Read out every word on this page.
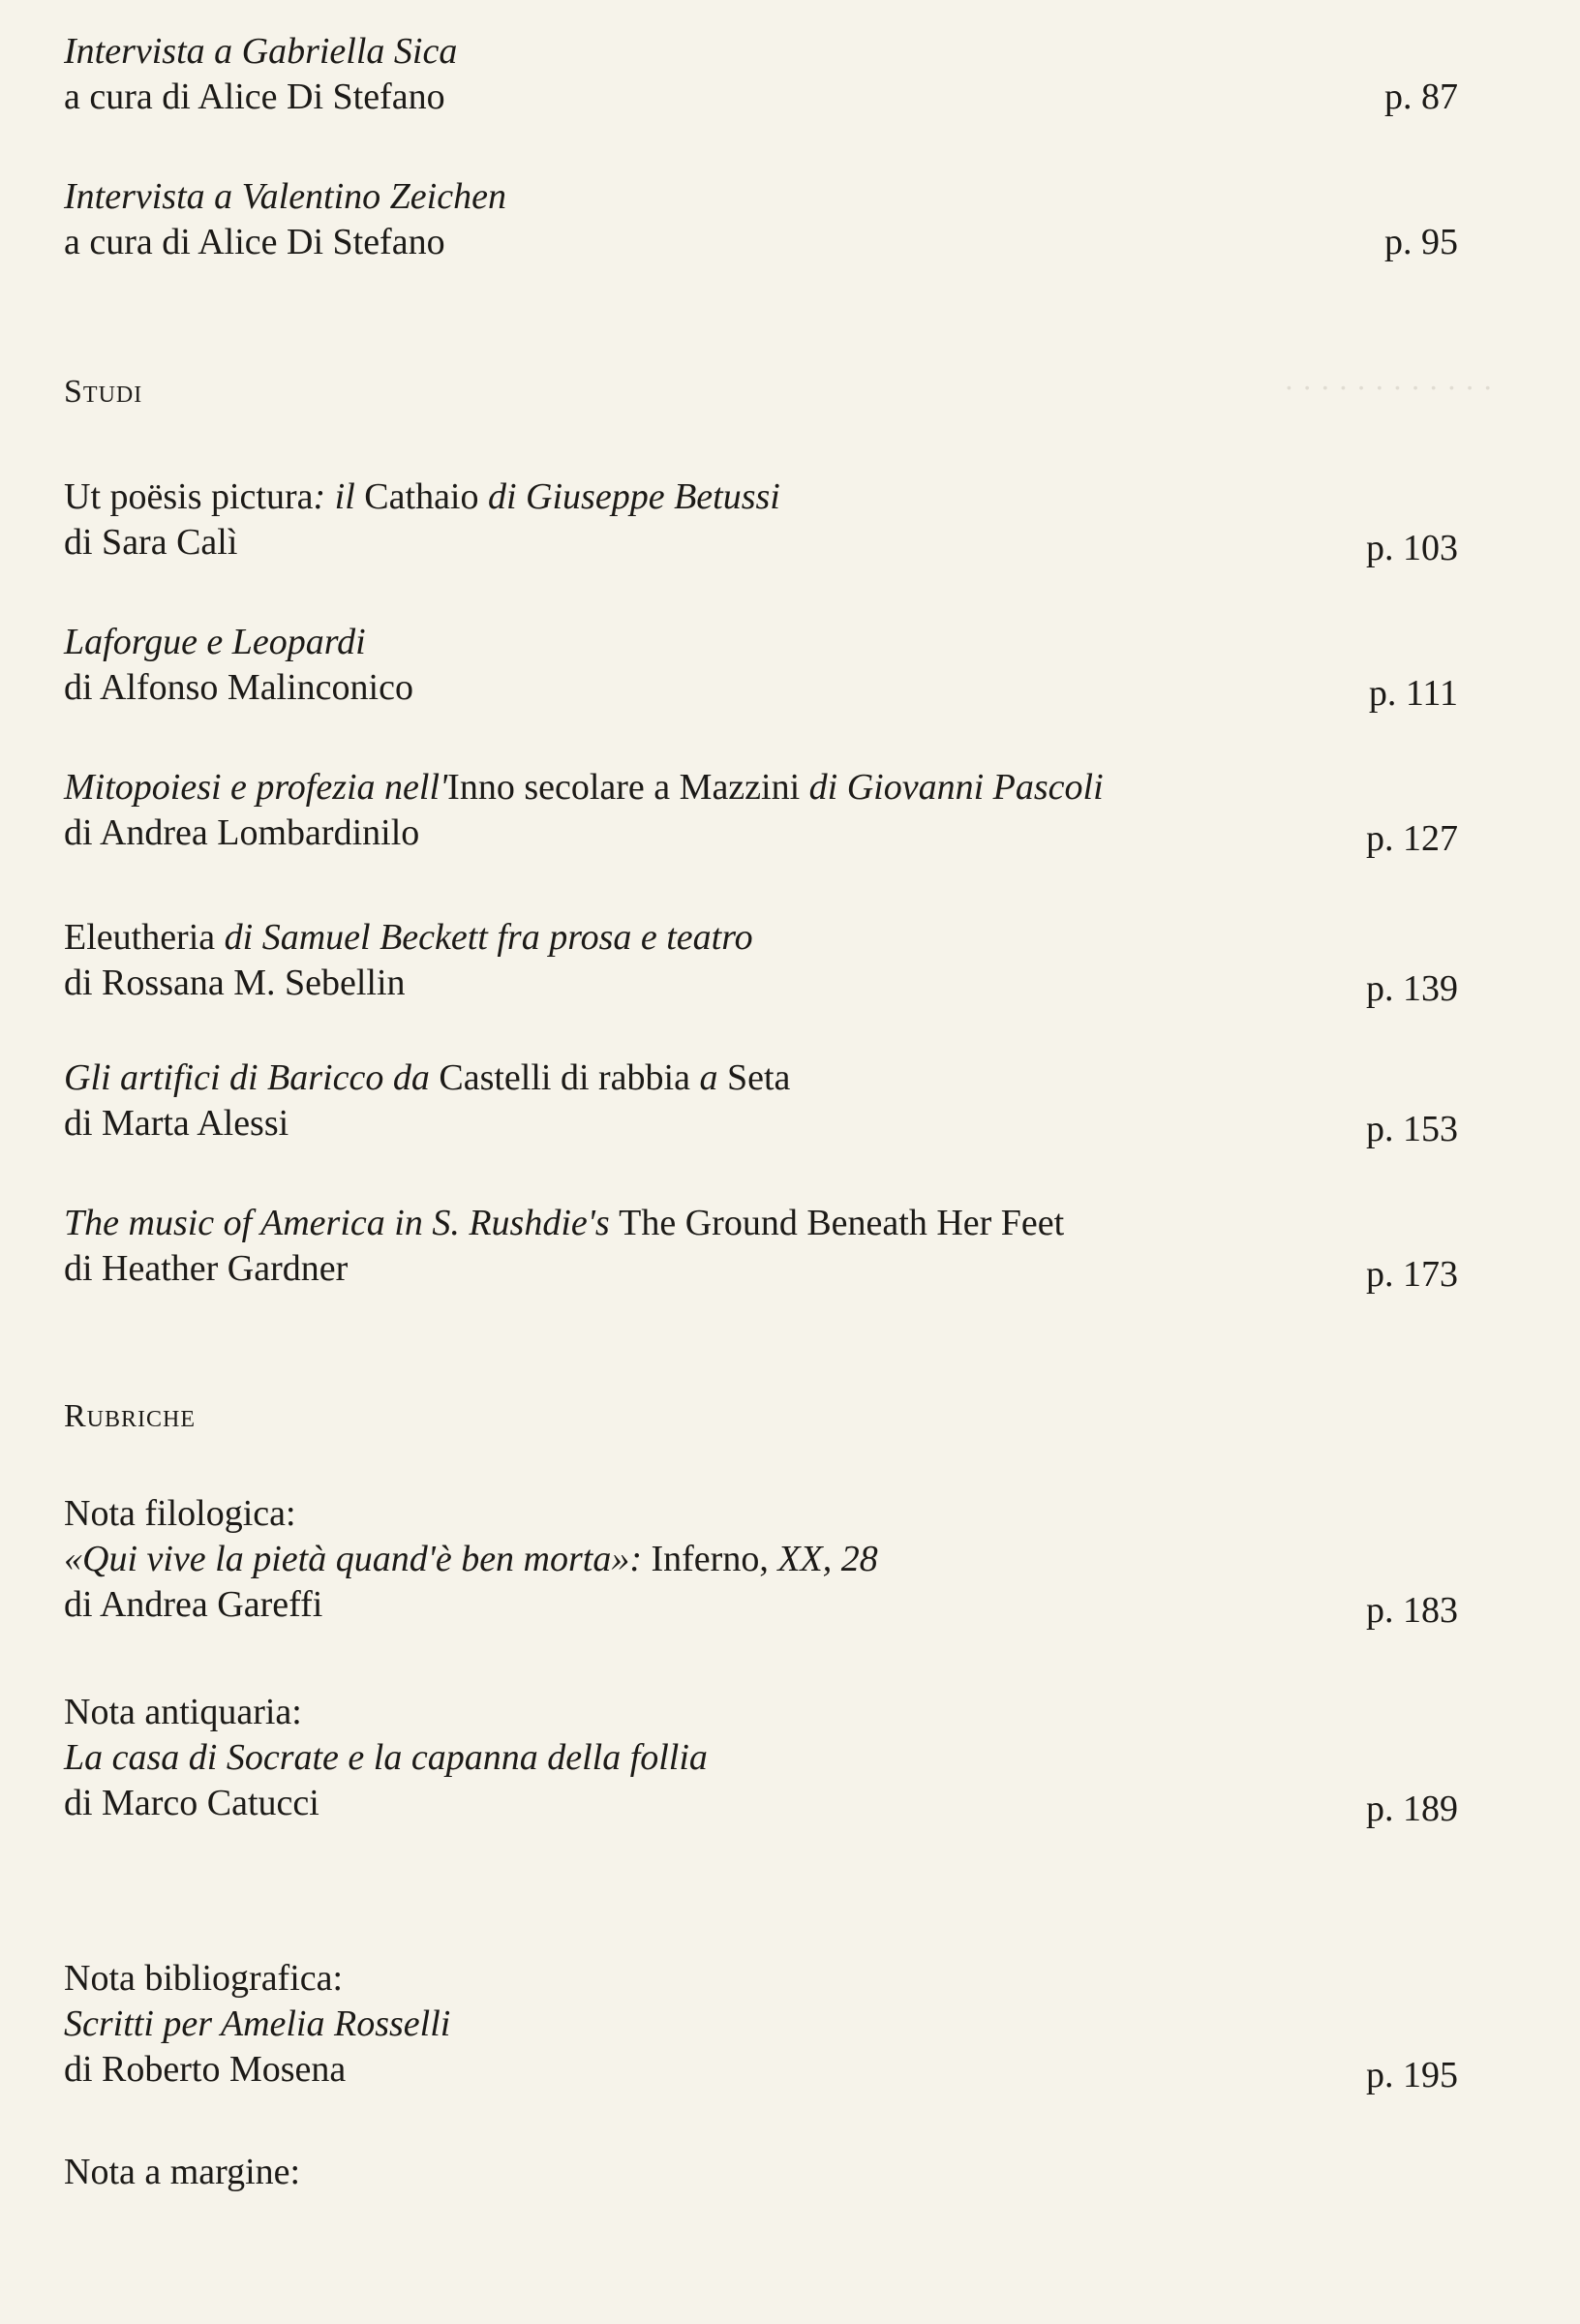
· · · · · · · · · · · ·
Intervista a Gabriella Sica
a cura di Alice Di Stefano	p. 87
Intervista a Valentino Zeichen
a cura di Alice Di Stefano	p. 95
Studi
Ut poësis pictura: il Cathaio di Giuseppe Betussi
di Sara Calì	p. 103
Laforgue e Leopardi
di Alfonso Malinconico	p. 111
Mitopoiesi e profezia nell'Inno secolare a Mazzini di Giovanni Pascoli
di Andrea Lombardinilo	p. 127
Eleutheria di Samuel Beckett fra prosa e teatro
di Rossana M. Sebellin	p. 139
Gli artifici di Baricco da Castelli di rabbia a Seta
di Marta Alessi	p. 153
The music of America in S. Rushdie's The Ground Beneath Her Feet
di Heather Gardner	p. 173
Rubriche
Nota filologica:
«Qui vive la pietà quand'è ben morta»: Inferno, XX, 28
di Andrea Gareffi	p. 183
Nota antiquaria:
La casa di Socrate e la capanna della follia
di Marco Catucci	p. 189
Nota bibliografica:
Scritti per Amelia Rosselli
di Roberto Mosena	p. 195
Nota a margine:
